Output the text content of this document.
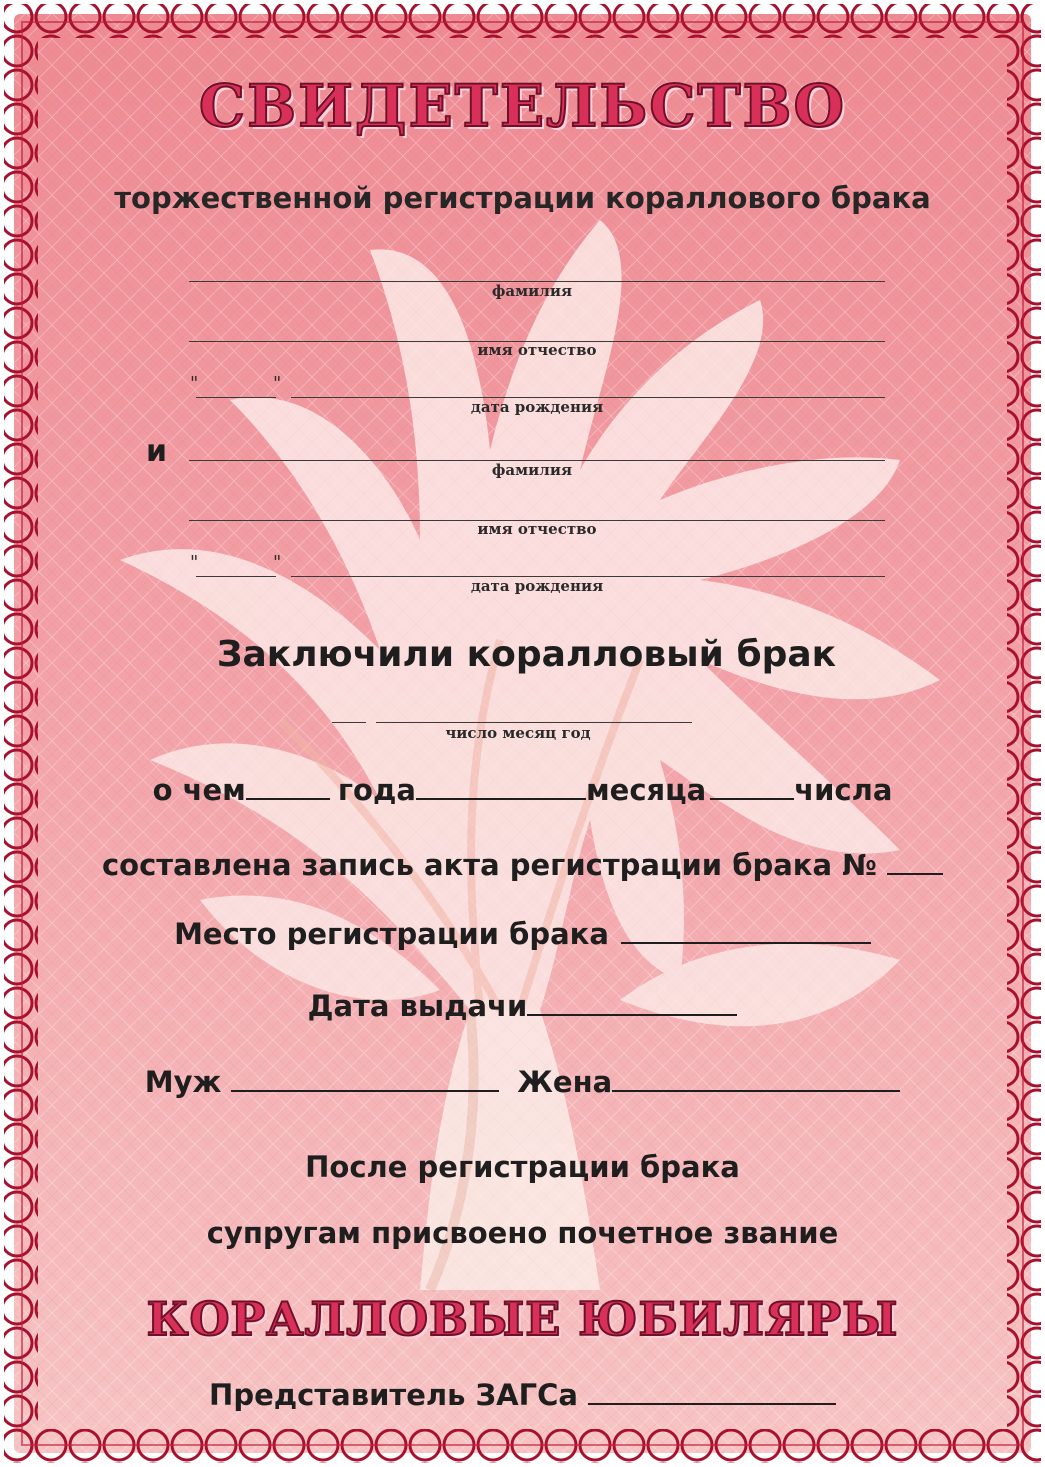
СВИДЕТЕЛЬСТВО
торжественной регистрации кораллового брака
фамилия
имя отчество
"	"
дата рождения
и
фамилия
имя отчество
"	"
дата рождения
Заключили коралловый брак
число месяц год
о чем	года	месяца	числа
составлена запись акта регистрации брака №
Место регистрации брака
Дата выдачи
Муж	Жена
После регистрации брака
супругам присвоено почетное звание
КОРАЛЛОВЫЕ ЮБИЛЯРЫ
Представитель ЗАГСа
